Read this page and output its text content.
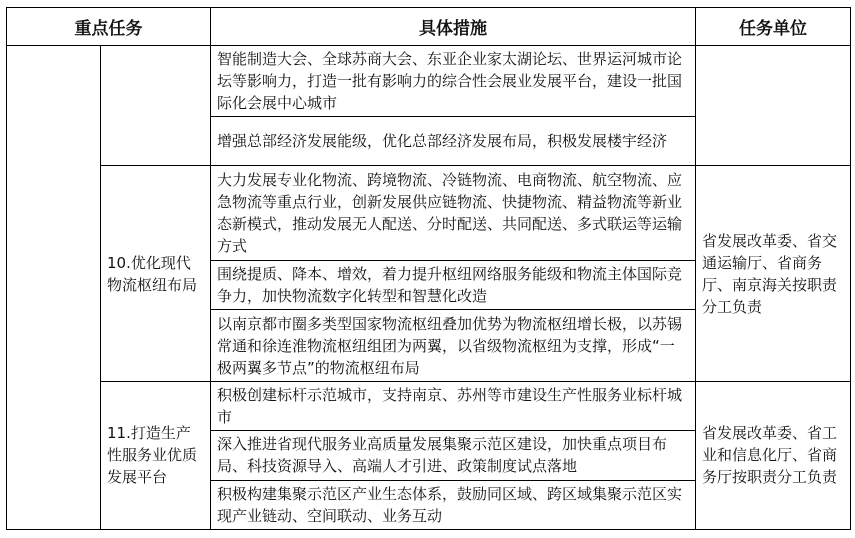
重点任务		具体措施	任务单位
		智能制造大会、全球苏商大会、东亚企业家太湖论坛、世界运河城市论坛等影响力，打造一批有影响力的综合性会展业发展平台，建设一批国际化会展中心城市	
		增强总部经济发展能级，优化总部经济发展布局，积极发展楼宇经济	
	10.优化现代物流枢纽布局	大力发展专业化物流、跨境物流、冷链物流、电商物流、航空物流、应急物流等重点行业，创新发展供应链物流、快捷物流、精益物流等新业态新模式，推动发展无人配送、分时配送、共同配送、多式联运等运输方式	省发展改革委、省交通运输厅、省商务厅、南京海关按职责分工负责
		围绕提质、降本、增效，着力提升枢纽网络服务能级和物流主体国际竞争力，加快物流数字化转型和智慧化改造	
		以南京都市圈多类型国家物流枢纽叠加优势为物流枢纽增长极，以苏锡常通和徐连淮物流枢纽组团为两翼，以省级物流枢纽为支撑，形成“一极两翼多节点”的物流枢纽布局	
	11.打造生产性服务业优质发展平台	积极创建标杆示范城市，支持南京、苏州等市建设生产性服务业标杆城市	省发展改革委、省工业和信息化厅、省商务厅按职责分工负责
		深入推进省现代服务业高质量发展集聚示范区建设，加快重点项目布局、科技资源导入、高端人才引进、政策制度试点落地	
		积极构建集聚示范区产业生态体系，鼓励同区域、跨区域集聚示范区实现产业链动、空间联动、业务互动	
